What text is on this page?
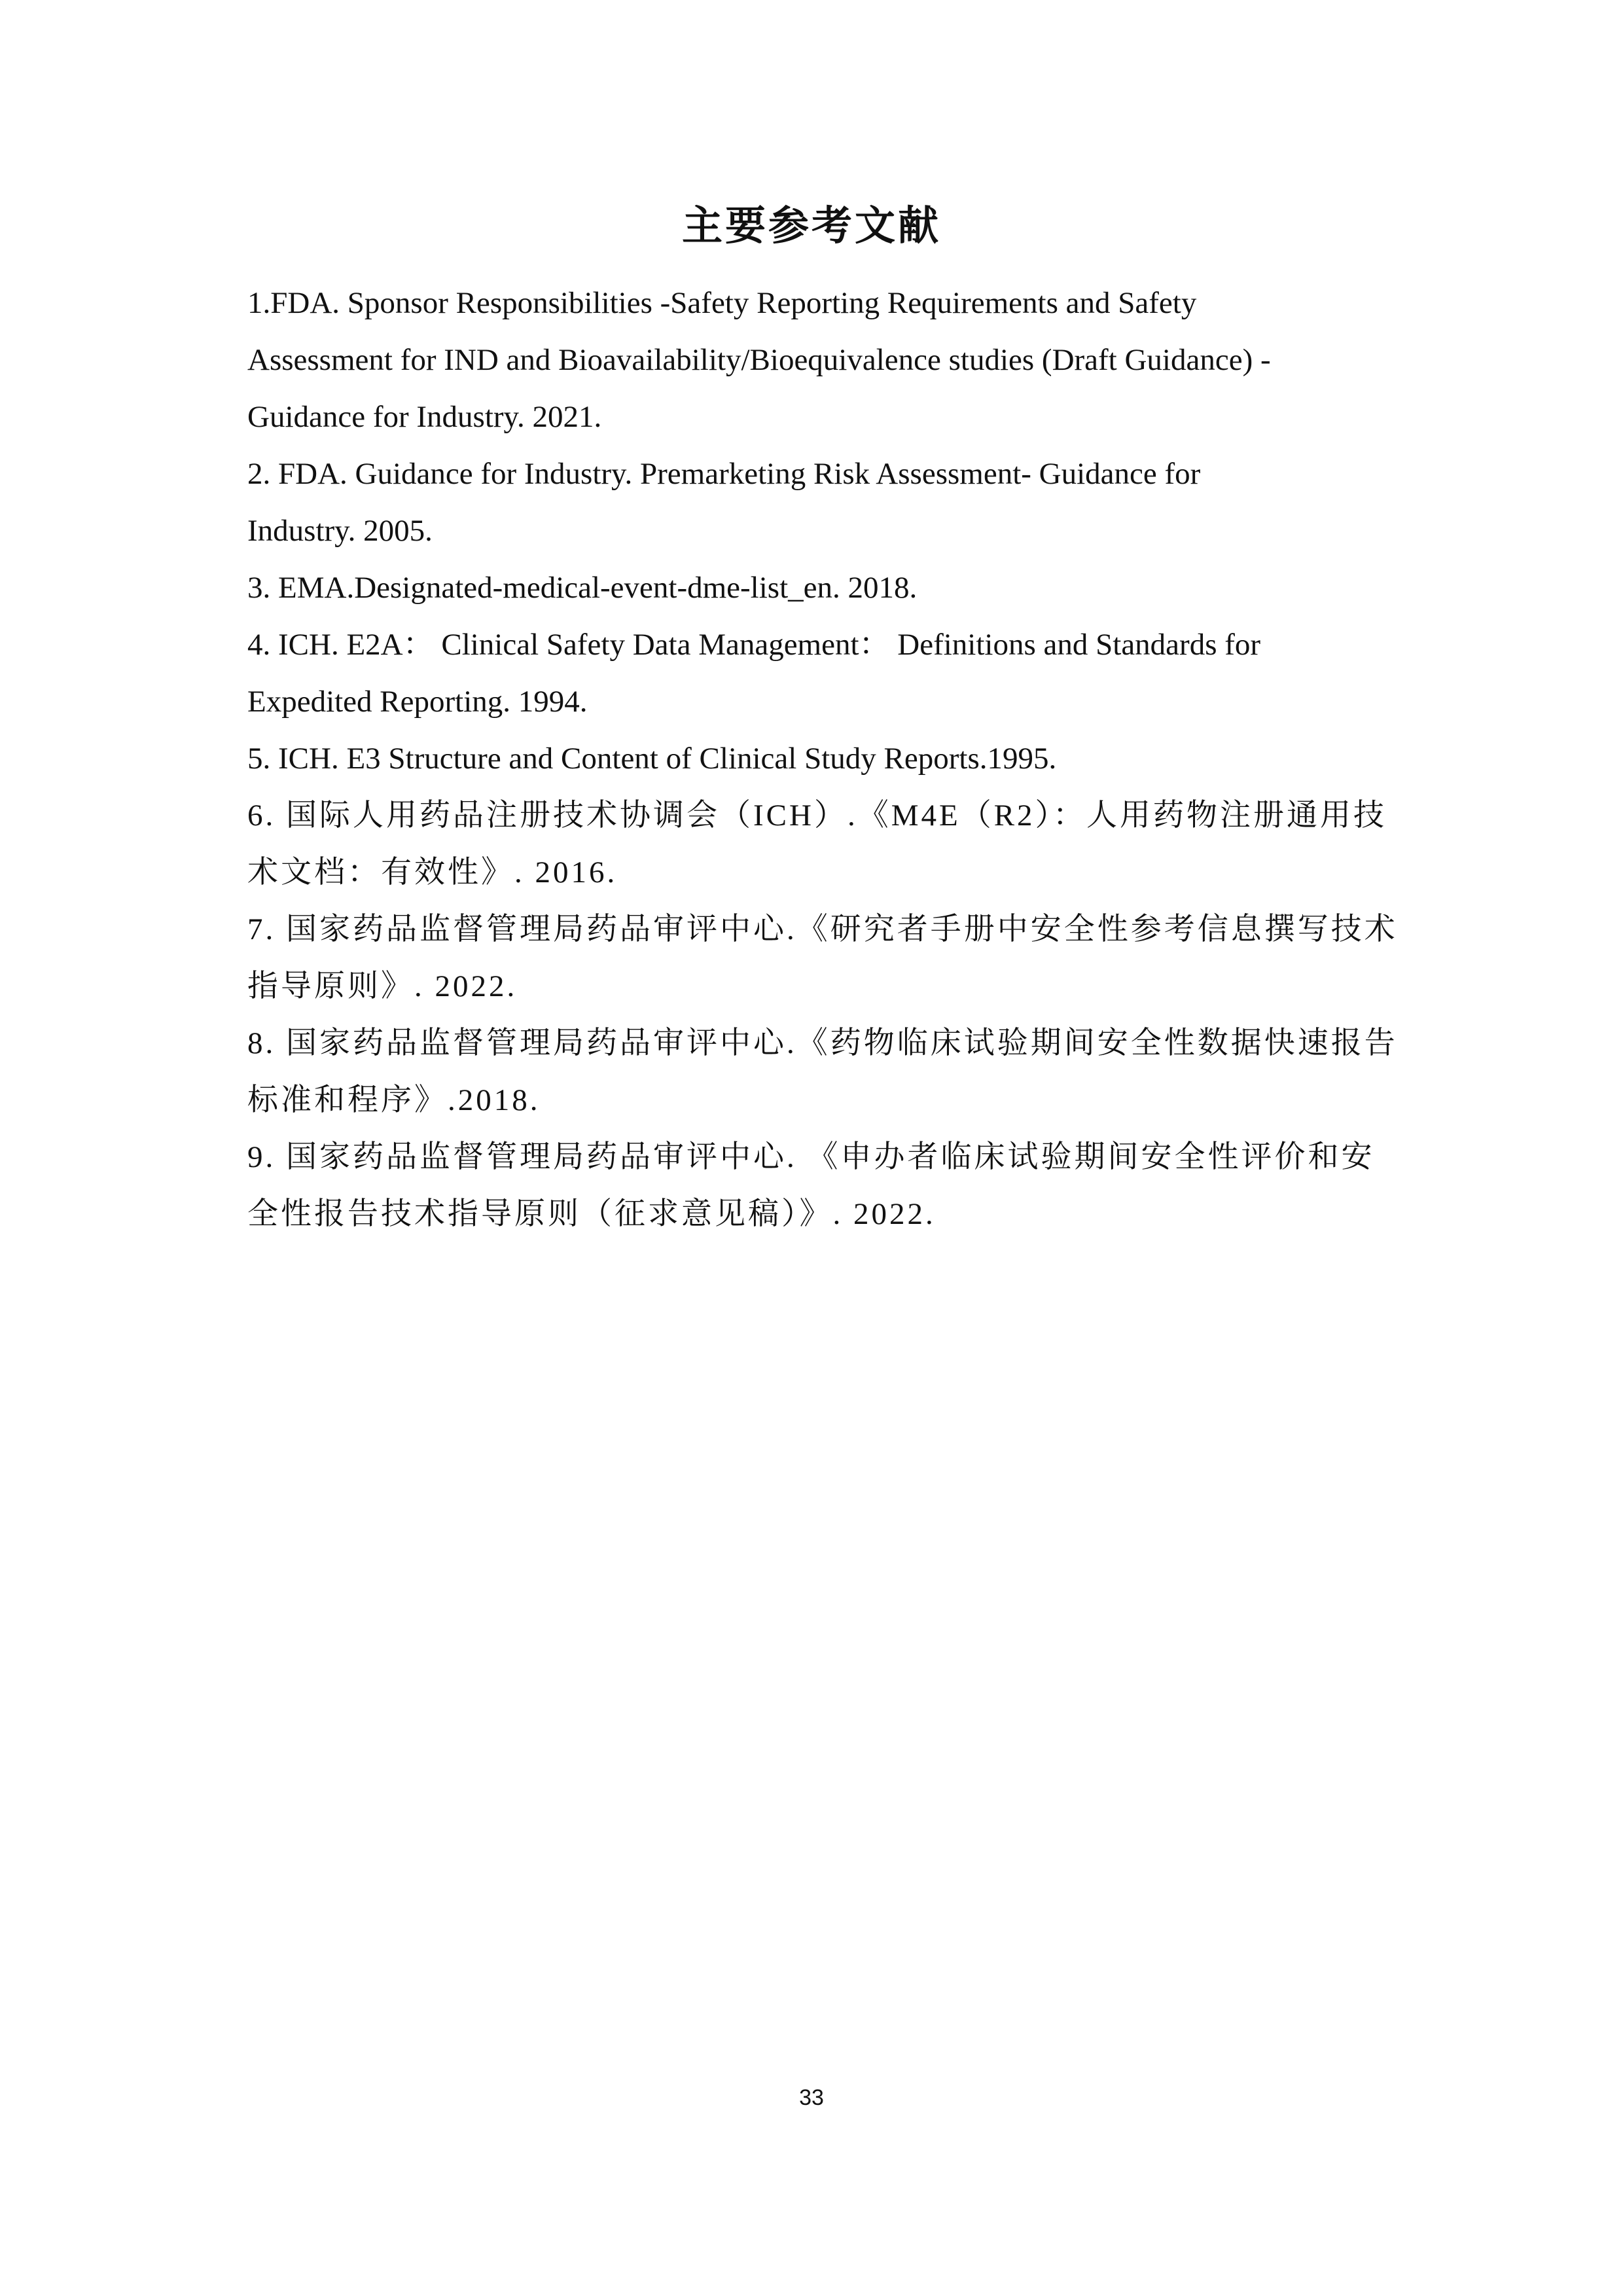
主要参考文献
1.FDA. Sponsor Responsibilities -Safety Reporting Requirements and Safety
Assessment for IND and Bioavailability/Bioequivalence studies (Draft Guidance) -
Guidance for Industry. 2021.
2. FDA. Guidance for Industry. Premarketing Risk Assessment- Guidance for
Industry. 2005.
3. EMA.Designated-medical-event-dme-list_en. 2018.
4. ICH. E2A： Clinical Safety Data Management： Definitions and Standards for
Expedited Reporting. 1994.
5. ICH. E3 Structure and Content of Clinical Study Reports.1995.
6. 国际人用药品注册技术协调会（ICH）.《M4E（R2）：人用药物注册通用技
术文档：有效性》. 2016.
7. 国家药品监督管理局药品审评中心.《研究者手册中安全性参考信息撰写技术
指导原则》. 2022.
8. 国家药品监督管理局药品审评中心.《药物临床试验期间安全性数据快速报告
标准和程序》.2018.
9. 国家药品监督管理局药品审评中心. 《申办者临床试验期间安全性评价和安
全性报告技术指导原则（征求意见稿）》. 2022.
33
